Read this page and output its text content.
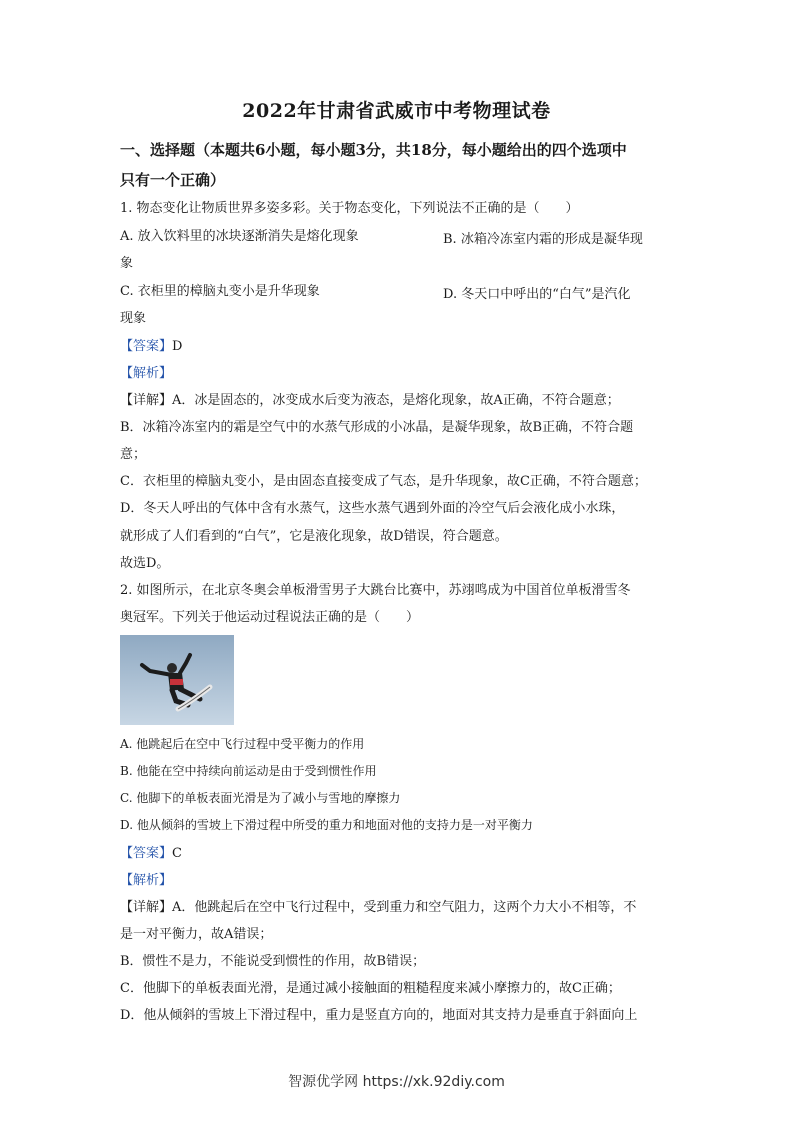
2022年甘肃省武威市中考物理试卷
一、选择题（本题共6小题，每小题3分，共18分，每小题给出的四个选项中
只有一个正确）
1. 物态变化让物质世界多姿多彩。关于物态变化，下列说法不正确的是（　　）
A. 放入饮料里的冰块逐渐消失是熔化现象	B. 冰箱冷冻室内霜的形成是凝华现
象
C. 衣柜里的樟脑丸变小是升华现象	D. 冬天口中呼出的“白气”是汽化
现象
【答案】D
【解析】
【详解】A．冰是固态的，冰变成水后变为液态，是熔化现象，故A正确，不符合题意；
B．冰箱冷冻室内的霜是空气中的水蒸气形成的小冰晶，是凝华现象，故B正确，不符合题
意；
C．衣柜里的樟脑丸变小，是由固态直接变成了气态，是升华现象，故C正确，不符合题意；
D．冬天人呼出的气体中含有水蒸气，这些水蒸气遇到外面的冷空气后会液化成小水珠，
就形成了人们看到的“白气”，它是液化现象，故D错误，符合题意。
故选D。
2. 如图所示，在北京冬奥会单板滑雪男子大跳台比赛中，苏翊鸣成为中国首位单板滑雪冬
奥冠军。下列关于他运动过程说法正确的是（　　）
A. 他跳起后在空中飞行过程中受平衡力的作用
B. 他能在空中持续向前运动是由于受到惯性作用
C. 他脚下的单板表面光滑是为了减小与雪地的摩擦力
D. 他从倾斜的雪坡上下滑过程中所受的重力和地面对他的支持力是一对平衡力
【答案】C
【解析】
【详解】A．他跳起后在空中飞行过程中，受到重力和空气阻力，这两个力大小不相等，不
是一对平衡力，故A错误；
B．惯性不是力，不能说受到惯性的作用，故B错误；
C．他脚下的单板表面光滑，是通过减小接触面的粗糙程度来减小摩擦力的，故C正确；
D．他从倾斜的雪坡上下滑过程中，重力是竖直方向的，地面对其支持力是垂直于斜面向上
智源优学网 https://xk.92diy.com
